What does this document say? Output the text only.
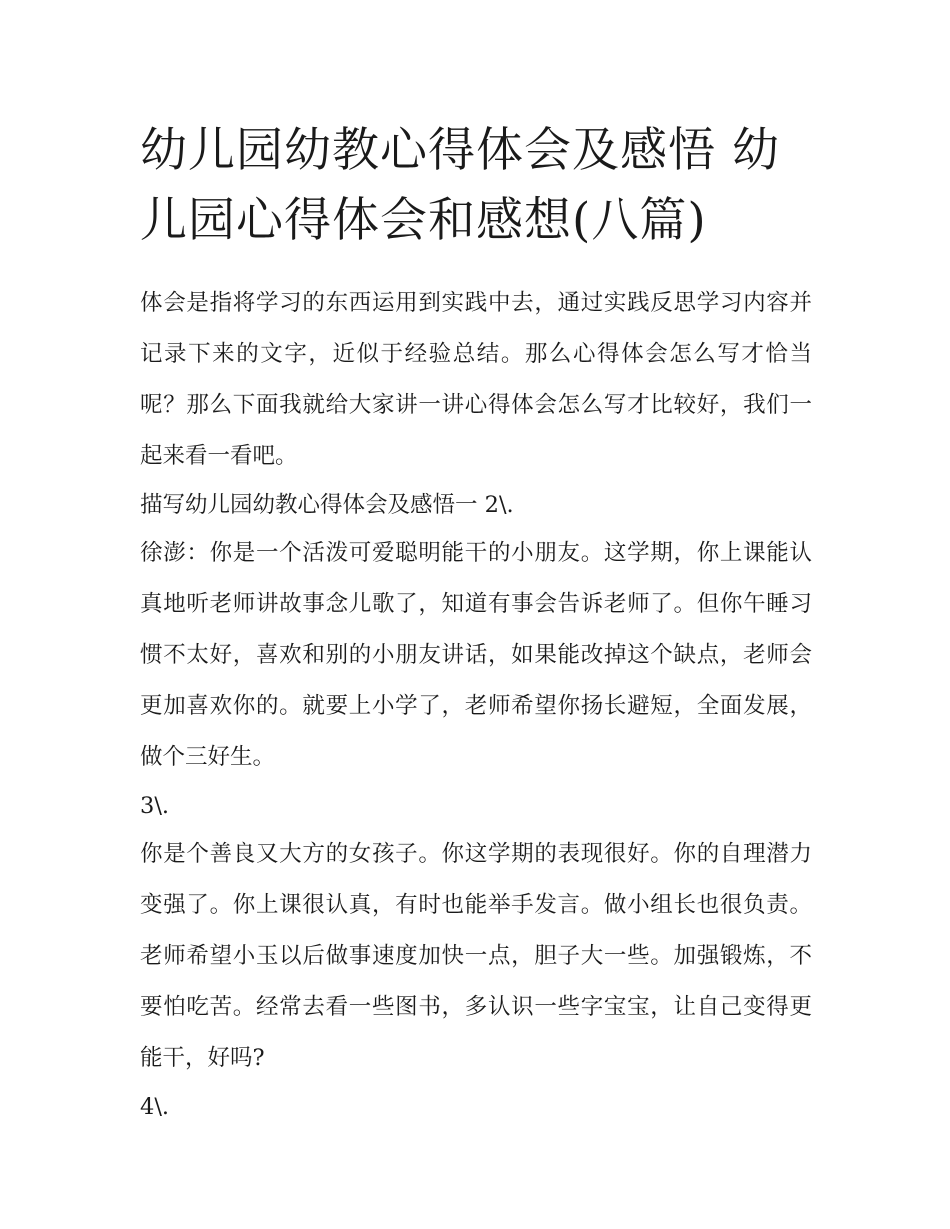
幼儿园幼教心得体会及感悟 幼儿园心得体会和感想(八篇)

体会是指将学习的东西运用到实践中去，通过实践反思学习内容并记录下来的文字，近似于经验总结。那么心得体会怎么写才恰当呢？那么下面我就给大家讲一讲心得体会怎么写才比较好，我们一起来看一看吧。

描写幼儿园幼教心得体会及感悟一 2\.

徐澎：你是一个活泼可爱聪明能干的小朋友。这学期，你上课能认真地听老师讲故事念儿歌了，知道有事会告诉老师了。但你午睡习惯不太好，喜欢和别的小朋友讲话，如果能改掉这个缺点，老师会更加喜欢你的。就要上小学了，老师希望你扬长避短，全面发展，做个三好生。

3\.

你是个善良又大方的女孩子。你这学期的表现很好。你的自理潜力变强了。你上课很认真，有时也能举手发言。做小组长也很负责。老师希望小玉以后做事速度加快一点，胆子大一些。加强锻炼，不要怕吃苦。经常去看一些图书，多认识一些字宝宝，让自己变得更能干，好吗?

4\.
